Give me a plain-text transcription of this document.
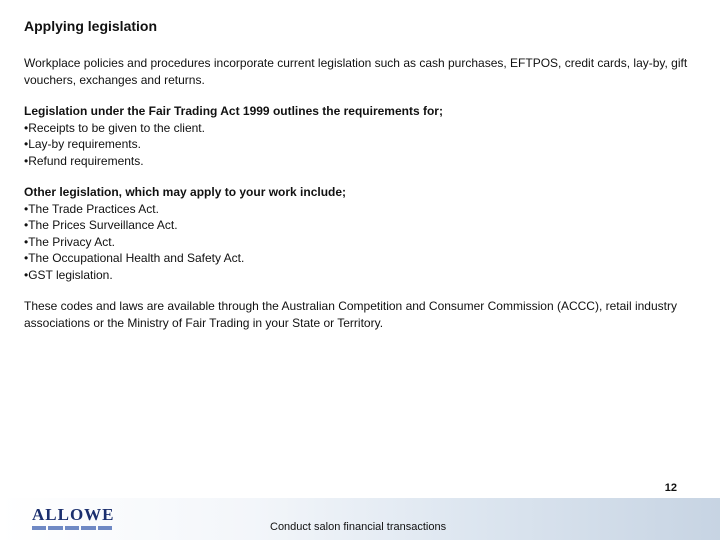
Applying legislation

Workplace policies and procedures incorporate current legislation such as cash purchases, EFTPOS, credit cards, lay-by, gift vouchers, exchanges and returns.

Legislation under the Fair Trading Act 1999 outlines the requirements for;
• Receipts to be given to the client.
• Lay-by requirements.
• Refund requirements.
Other legislation, which may apply to your work include;
• The Trade Practices Act.
• The Prices Surveillance Act.
• The Privacy Act.
• The Occupational Health and Safety Act.
• GST legislation.

These codes and laws are available through the Australian Competition and Consumer Commission (ACCC), retail industry associations or the Ministry of Fair Trading in your State or Territory.

ALLOWE
Conduct salon financial transactions
12
